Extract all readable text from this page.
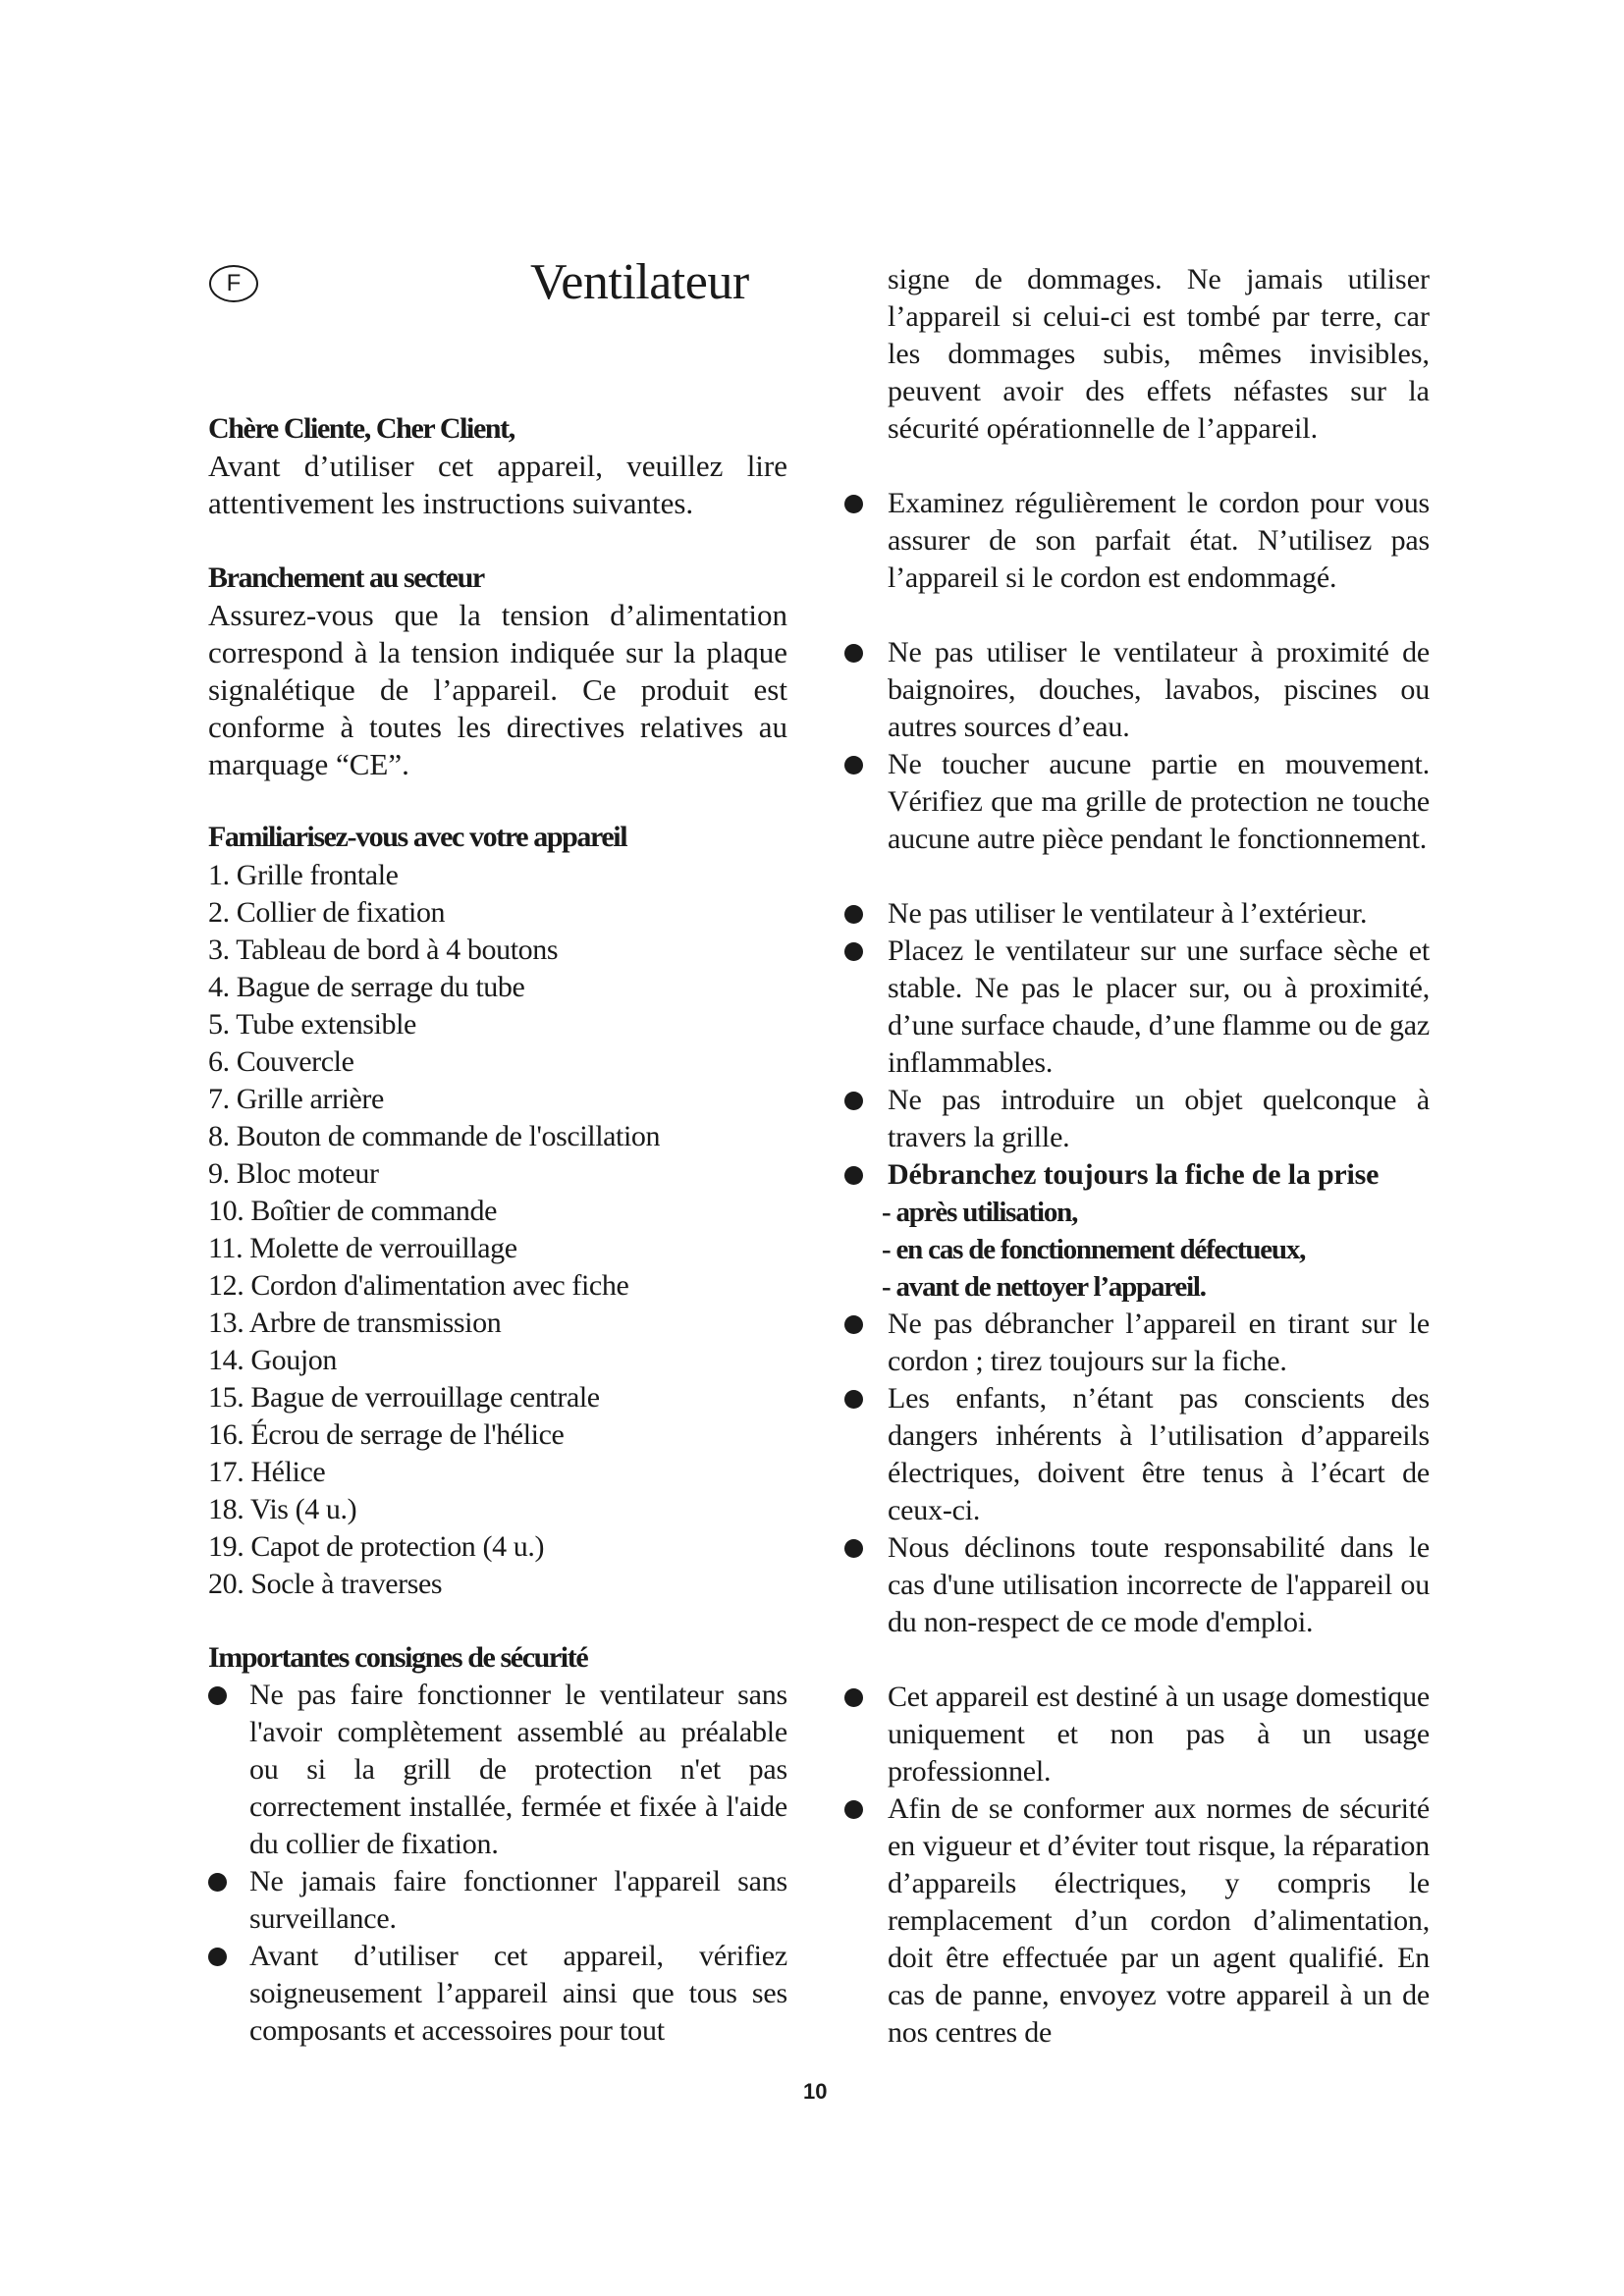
F	Ventilateur
Chère Cliente, Cher Client,

Avant d’utiliser cet appareil, veuillez lire attentivement les instructions suivantes.

Branchement au secteur

Assurez-vous que la tension d’alimentation correspond à la tension indiquée sur la plaque signalétique de l’appareil. Ce produit est conforme à toutes les directives relatives au marquage “CE”.

Familiarisez-vous avec votre appareil
1. Grille frontale
2. Collier de fixation
3. Tableau de bord à 4 boutons
4. Bague de serrage du tube
5. Tube extensible
6. Couvercle
7. Grille arrière
8. Bouton de commande de l'oscillation
9. Bloc moteur
10. Boîtier de commande
11. Molette de verrouillage
12. Cordon d'alimentation avec fiche
13. Arbre de transmission
14. Goujon
15. Bague de verrouillage centrale
16. Écrou de serrage de l'hélice
17. Hélice
18. Vis (4 u.)
19. Capot de protection (4 u.)
20. Socle à traverses
Importantes consignes de sécurité
Ne pas faire fonctionner le ventilateur sans l'avoir complètement assemblé au préalable ou si la grill de protection n'et pas correctement installée, fermée et fixée à l'aide du collier de fixation.
Ne jamais faire fonctionner l'appareil sans surveillance.
Avant d’utiliser cet appareil, vérifiez soigneusement l’appareil ainsi que tous ses composants et accessoires pour tout

signe de dommages. Ne jamais utiliser l’appareil si celui-ci est tombé par terre, car les dommages subis, mêmes invisibles, peuvent avoir des effets néfastes sur la sécurité opérationnelle de l’appareil.

Examinez régulièrement le cordon pour vous assurer de son parfait état. N’utilisez pas l’appareil si le cordon est endommagé.
Ne pas utiliser le ventilateur à proximité de baignoires, douches, lavabos, piscines ou autres sources d’eau.
Ne toucher aucune partie en mouvement. Vérifiez que ma grille de protection ne touche aucune autre pièce pendant le fonctionnement.
Ne pas utiliser le ventilateur à l’extérieur.
Placez le ventilateur sur une surface sèche et stable. Ne pas le placer sur, ou à proximité, d’une surface chaude, d’une flamme ou de gaz inflammables.
Ne pas introduire un objet quelconque à travers la grille.
Débranchez toujours la fiche de la prise
- après utilisation,
- en cas de fonctionnement défectueux,
- avant de nettoyer l’appareil.
Ne pas débrancher l’appareil en tirant sur le cordon ; tirez toujours sur la fiche.
Les enfants, n’étant pas conscients des dangers inhérents à l’utilisation d’appareils électriques, doivent être tenus à l’écart de ceux-ci.
Nous déclinons toute responsabilité dans le cas d'une utilisation incorrecte de l'appareil ou du non-respect de ce mode d'emploi.
Cet appareil est destiné à un usage domestique uniquement et non pas à un usage professionnel.
Afin de se conformer aux normes de sécurité en vigueur et d’éviter tout risque, la réparation d’appareils électriques, y compris le remplacement d’un cordon d’alimentation, doit être effectuée par un agent qualifié. En cas de panne, envoyez votre appareil à un de nos centres de
10
